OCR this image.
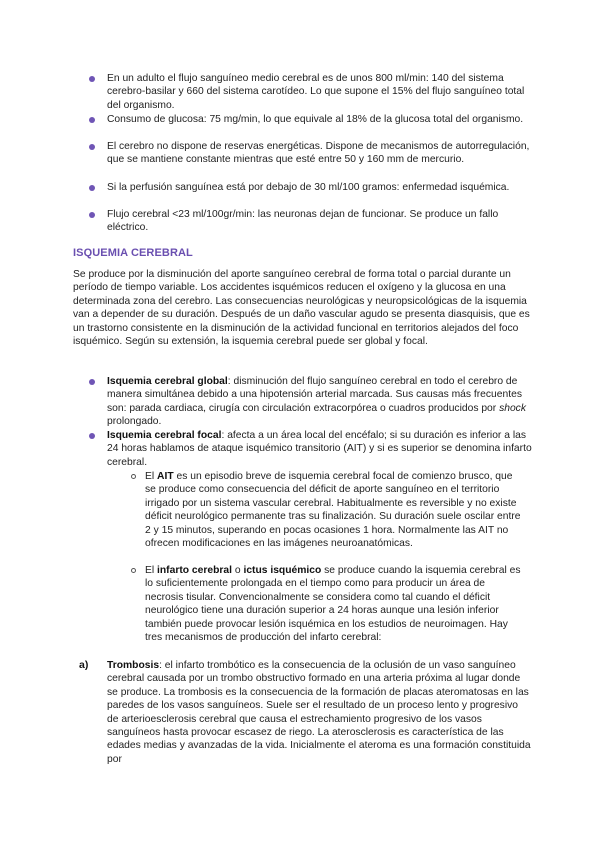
En un adulto el flujo sanguíneo medio cerebral es de unos 800 ml/min: 140 del sistema cerebro-basilar y 660 del sistema carotídeo. Lo que supone el 15% del flujo sanguíneo total del organismo.
Consumo de glucosa: 75 mg/min, lo que equivale al 18% de la glucosa total del organismo.
El cerebro no dispone de reservas energéticas. Dispone de mecanismos de autorregulación, que se mantiene constante mientras que esté entre 50 y 160 mm de mercurio.
Si la perfusión sanguínea está por debajo de 30 ml/100 gramos: enfermedad isquémica.
Flujo cerebral <23 ml/100gr/min: las neuronas dejan de funcionar. Se produce un fallo eléctrico.
ISQUEMIA CEREBRAL
Se produce por la disminución del aporte sanguíneo cerebral de forma total o parcial durante un período de tiempo variable. Los accidentes isquémicos reducen el oxígeno y la glucosa en una determinada zona del cerebro. Las consecuencias neurológicas y neuropsicológicas de la isquemia van a depender de su duración. Después de un daño vascular agudo se presenta diasquisis, que es un trastorno consistente en la disminución de la actividad funcional en territorios alejados del foco isquémico. Según su extensión, la isquemia cerebral puede ser global y focal.
Isquemia cerebral global: disminución del flujo sanguíneo cerebral en todo el cerebro de manera simultánea debido a una hipotensión arterial marcada. Sus causas más frecuentes son: parada cardiaca, cirugía con circulación extracorpórea o cuadros producidos por shock prolongado.
Isquemia cerebral focal: afecta a un área local del encéfalo; si su duración es inferior a las 24 horas hablamos de ataque isquémico transitorio (AIT) y si es superior se denomina infarto cerebral.
El AIT es un episodio breve de isquemia cerebral focal de comienzo brusco, que se produce como consecuencia del déficit de aporte sanguíneo en el territorio irrigado por un sistema vascular cerebral. Habitualmente es reversible y no existe déficit neurológico permanente tras su finalización. Su duración suele oscilar entre 2 y 15 minutos, superando en pocas ocasiones 1 hora. Normalmente las AIT no ofrecen modificaciones en las imágenes neuroanatómicas.
El infarto cerebral o ictus isquémico se produce cuando la isquemia cerebral es lo suficientemente prolongada en el tiempo como para producir un área de necrosis tisular. Convencionalmente se considera como tal cuando el déficit neurológico tiene una duración superior a 24 horas aunque una lesión inferior también puede provocar lesión isquémica en los estudios de neuroimagen. Hay tres mecanismos de producción del infarto cerebral:
a) Trombosis: el infarto trombótico es la consecuencia de la oclusión de un vaso sanguíneo cerebral causada por un trombo obstructivo formado en una arteria próxima al lugar donde se produce. La trombosis es la consecuencia de la formación de placas ateromatosas en las paredes de los vasos sanguíneos. Suele ser el resultado de un proceso lento y progresivo de arterioesclerosis cerebral que causa el estrechamiento progresivo de los vasos sanguíneos hasta provocar escasez de riego. La aterosclerosis es característica de las edades medias y avanzadas de la vida. Inicialmente el ateroma es una formación constituida por
